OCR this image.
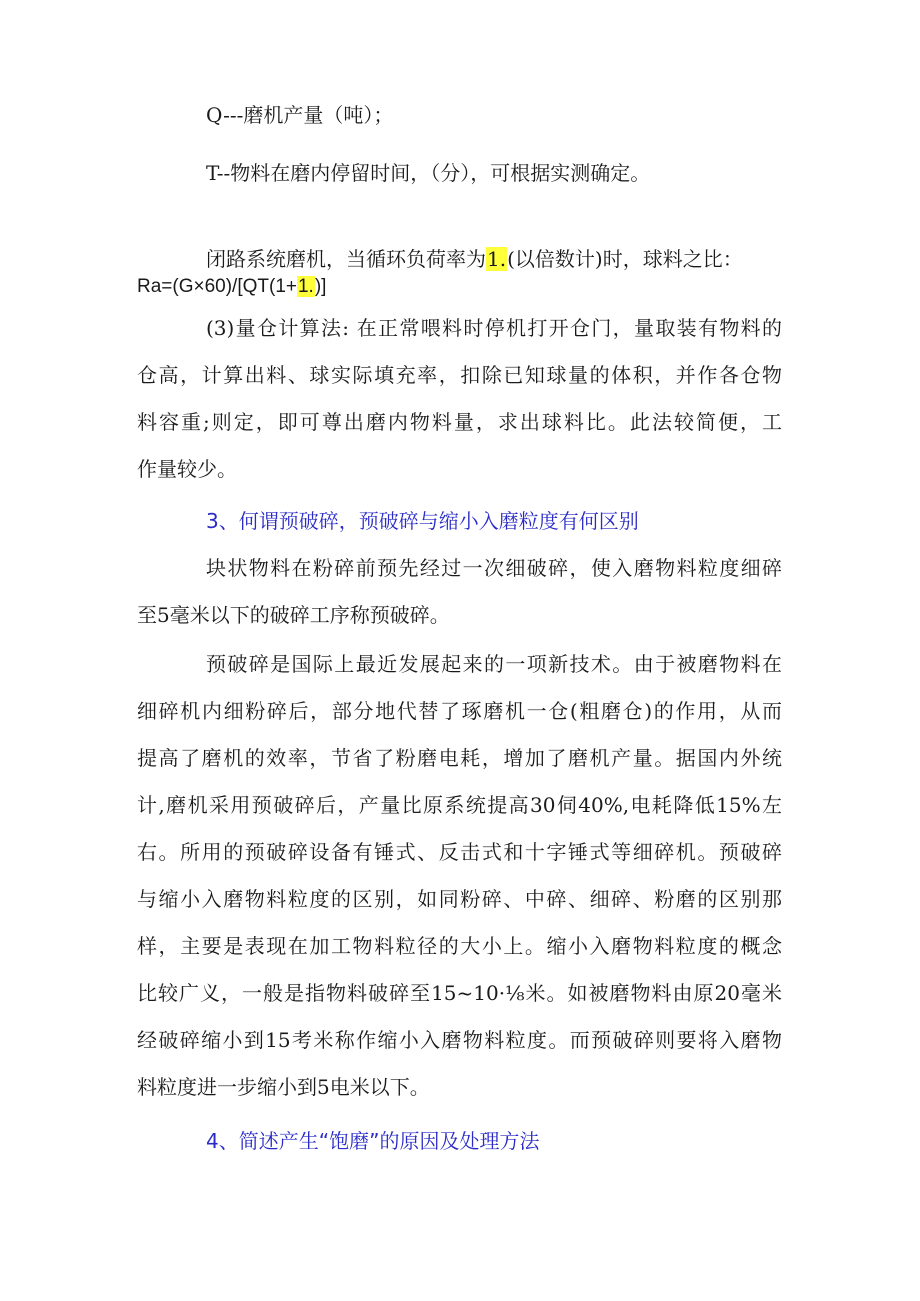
Q---磨机产量（吨）；
T--物料在磨内停留时间，（分），可根据实测确定。
闭路系统磨机，当循环负荷率为1.(以倍数计)时，球料之比：
Ra=(G×60)/[QT(1+1.)]
(3)量仓计算法: 在正常喂料时停机打开仓门，量取装有物料的
仓高，计算出料、球实际填充率，扣除已知球量的体积，并作各仓物
料容重;则定，即可尊出磨内物料量，求出球料比。此法较简便，工
作量较少。
3、何谓预破碎，预破碎与缩小入磨粒度有何区别
块状物料在粉碎前预先经过一次细破碎，使入磨物料粒度细碎
至5毫米以下的破碎工序称预破碎。
预破碎是国际上最近发展起来的一项新技术。由于被磨物料在
细碎机内细粉碎后，部分地代替了琢磨机一仓(粗磨仓)的作用，从而
提高了磨机的效率，节省了粉磨电耗，增加了磨机产量。据国内外统
计,磨机采用预破碎后，产量比原系统提高30伺40%,电耗降低15%左
右。所用的预破碎设备有锤式、反击式和十字锤式等细碎机。预破碎
与缩小入磨物料粒度的区别，如同粉碎、中碎、细碎、粉磨的区别那
样，主要是表现在加工物料粒径的大小上。缩小入磨物料粒度的概念
比较广义，一般是指物料破碎至15~10·⅛米。如被磨物料由原20毫米
经破碎缩小到15考米称作缩小入磨物料粒度。而预破碎则要将入磨物
料粒度进一步缩小到5电米以下。
4、简述产生“饱磨”的原因及处理方法
